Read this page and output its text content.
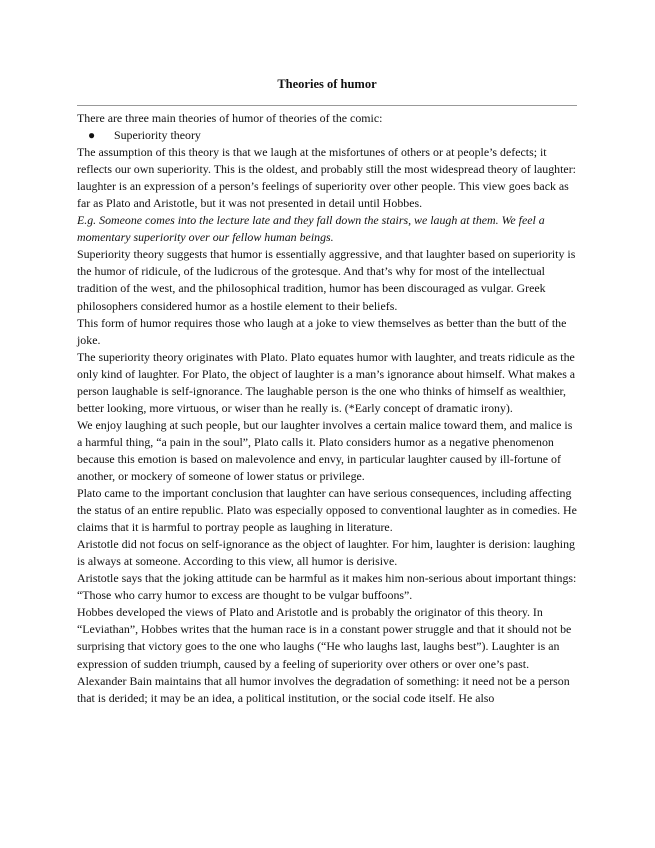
Theories of humor

There are three main theories of humor of theories of the comic:

●	Superiority theory

The assumption of this theory is that we laugh at the misfortunes of others or at people’s defects; it reflects our own superiority. This is the oldest, and probably still the most widespread theory of laughter: laughter is an expression of a person’s feelings of superiority over other people. This view goes back as far as Plato and Aristotle, but it was not presented in detail until Hobbes.

E.g. Someone comes into the lecture late and they fall down the stairs, we laugh at them. We feel a momentary superiority over our fellow human beings.

Superiority theory suggests that humor is essentially aggressive, and that laughter based on superiority is the humor of ridicule, of the ludicrous of the grotesque. And that’s why for most of the intellectual tradition of the west, and the philosophical tradition, humor has been discouraged as vulgar. Greek philosophers considered humor as a hostile element to their beliefs.

This form of humor requires those who laugh at a joke to view themselves as better than the butt of the joke.

The superiority theory originates with Plato. Plato equates humor with laughter, and treats ridicule as the only kind of laughter. For Plato, the object of laughter is a man’s ignorance about himself. What makes a person laughable is self-ignorance. The laughable person is the one who thinks of himself as wealthier, better looking, more virtuous, or wiser than he really is. (*Early concept of dramatic irony).

We enjoy laughing at such people, but our laughter involves a certain malice toward them, and malice is a harmful thing, “a pain in the soul”, Plato calls it. Plato considers humor as a negative phenomenon because this emotion is based on malevolence and envy, in particular laughter caused by ill-fortune of another, or mockery of someone of lower status or privilege.

Plato came to the important conclusion that laughter can have serious consequences, including affecting the status of an entire republic. Plato was especially opposed to conventional laughter as in comedies. He claims that it is harmful to portray people as laughing in literature.

Aristotle did not focus on self-ignorance as the object of laughter. For him, laughter is derision: laughing is always at someone. According to this view, all humor is derisive.

Aristotle says that the joking attitude can be harmful as it makes him non-serious about important things: “Those who carry humor to excess are thought to be vulgar buffoons”.

Hobbes developed the views of Plato and Aristotle and is probably the originator of this theory. In “Leviathan”, Hobbes writes that the human race is in a constant power struggle and that it should not be surprising that victory goes to the one who laughs (“He who laughs last, laughs best”). Laughter is an expression of sudden triumph, caused by a feeling of superiority over others or over one’s past.

Alexander Bain maintains that all humor involves the degradation of something: it need not be a person that is derided; it may be an idea, a political institution, or the social code itself. He also
